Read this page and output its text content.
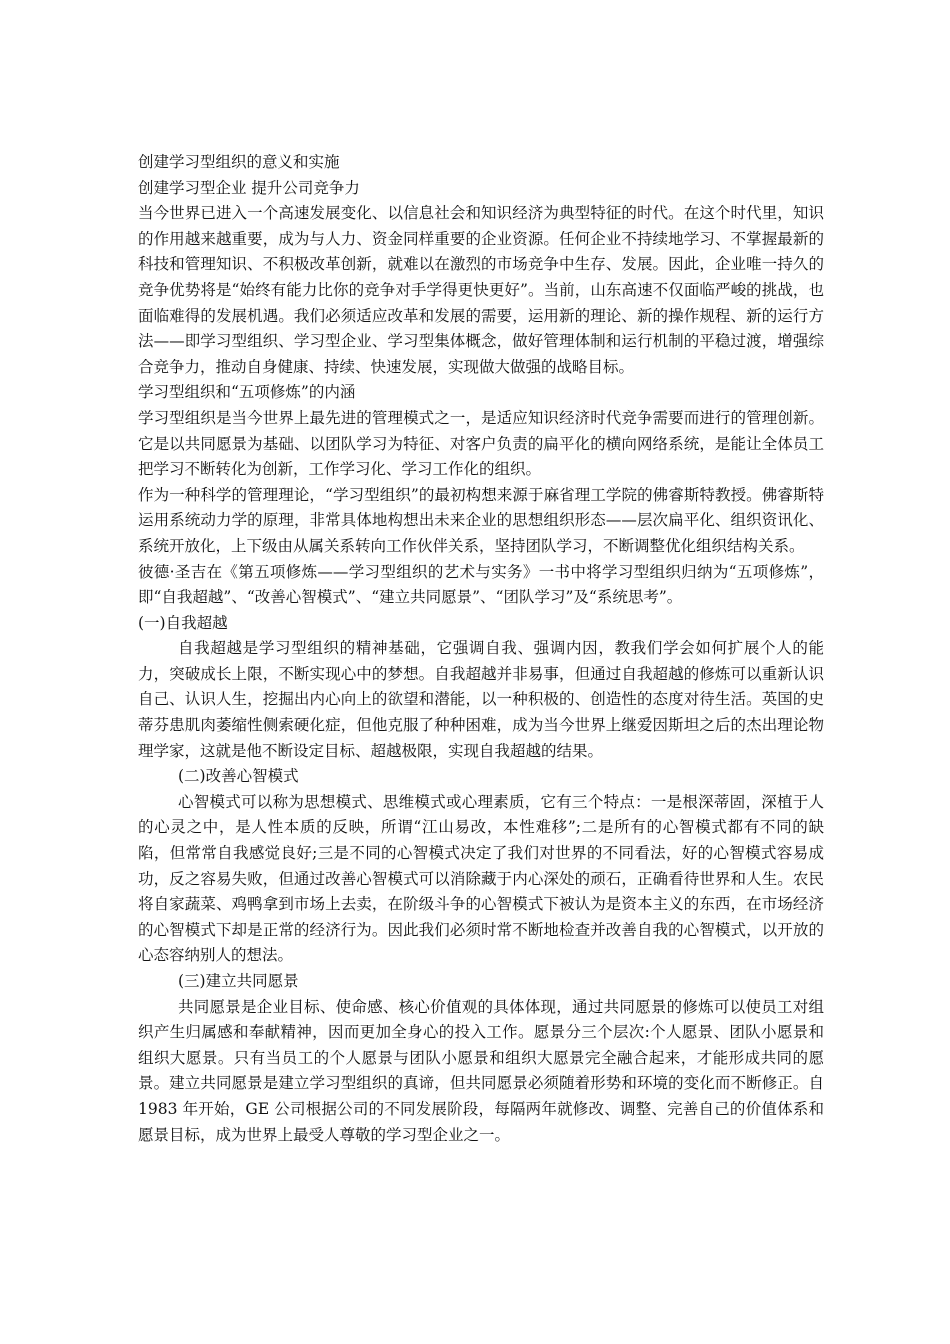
创建学习型组织的意义和实施

创建学习型企业 提升公司竞争力

当今世界已进入一个高速发展变化、以信息社会和知识经济为典型特征的时代。在这个时代里，知识的作用越来越重要，成为与人力、资金同样重要的企业资源。任何企业不持续地学习、不掌握最新的科技和管理知识、不积极改革创新，就难以在激烈的市场竞争中生存、发展。因此，企业唯一持久的竞争优势将是“始终有能力比你的竞争对手学得更快更好”。当前，山东高速不仅面临严峻的挑战，也面临难得的发展机遇。我们必须适应改革和发展的需要，运用新的理论、新的操作规程、新的运行方法——即学习型组织、学习型企业、学习型集体概念，做好管理体制和运行机制的平稳过渡，增强综合竞争力，推动自身健康、持续、快速发展，实现做大做强的战略目标。

学习型组织和“五项修炼”的内涵

学习型组织是当今世界上最先进的管理模式之一，是适应知识经济时代竞争需要而进行的管理创新。它是以共同愿景为基础、以团队学习为特征、对客户负责的扁平化的横向网络系统，是能让全体员工把学习不断转化为创新，工作学习化、学习工作化的组织。

作为一种科学的管理理论，“学习型组织”的最初构想来源于麻省理工学院的佛睿斯特教授。佛睿斯特运用系统动力学的原理，非常具体地构想出未来企业的思想组织形态——层次扁平化、组织资讯化、系统开放化，上下级由从属关系转向工作伙伴关系，坚持团队学习，不断调整优化组织结构关系。

彼德·圣吉在《第五项修炼——学习型组织的艺术与实务》一书中将学习型组织归纳为“五项修炼”，即“自我超越”、“改善心智模式”、“建立共同愿景”、“团队学习”及“系统思考”。

(一)自我超越

自我超越是学习型组织的精神基础，它强调自我、强调内因，教我们学会如何扩展个人的能力，突破成长上限，不断实现心中的梦想。自我超越并非易事，但通过自我超越的修炼可以重新认识自己、认识人生，挖掘出内心向上的欲望和潜能，以一种积极的、创造性的态度对待生活。英国的史蒂芬患肌肉萎缩性侧索硬化症，但他克服了种种困难，成为当今世界上继爱因斯坦之后的杰出理论物理学家，这就是他不断设定目标、超越极限，实现自我超越的结果。

(二)改善心智模式

心智模式可以称为思想模式、思维模式或心理素质，它有三个特点：一是根深蒂固，深植于人的心灵之中，是人性本质的反映，所谓“江山易改，本性难移”;二是所有的心智模式都有不同的缺陷，但常常自我感觉良好;三是不同的心智模式决定了我们对世界的不同看法，好的心智模式容易成功，反之容易失败，但通过改善心智模式可以消除藏于内心深处的顽石，正确看待世界和人生。农民将自家蔬菜、鸡鸭拿到市场上去卖，在阶级斗争的心智模式下被认为是资本主义的东西，在市场经济的心智模式下却是正常的经济行为。因此我们必须时常不断地检查并改善自我的心智模式，以开放的心态容纳别人的想法。

(三)建立共同愿景

共同愿景是企业目标、使命感、核心价值观的具体体现，通过共同愿景的修炼可以使员工对组织产生归属感和奉献精神，因而更加全身心的投入工作。愿景分三个层次:个人愿景、团队小愿景和组织大愿景。只有当员工的个人愿景与团队小愿景和组织大愿景完全融合起来，才能形成共同的愿景。建立共同愿景是建立学习型组织的真谛，但共同愿景必须随着形势和环境的变化而不断修正。自 1983 年开始，GE 公司根据公司的不同发展阶段，每隔两年就修改、调整、完善自己的价值体系和愿景目标，成为世界上最受人尊敬的学习型企业之一。
